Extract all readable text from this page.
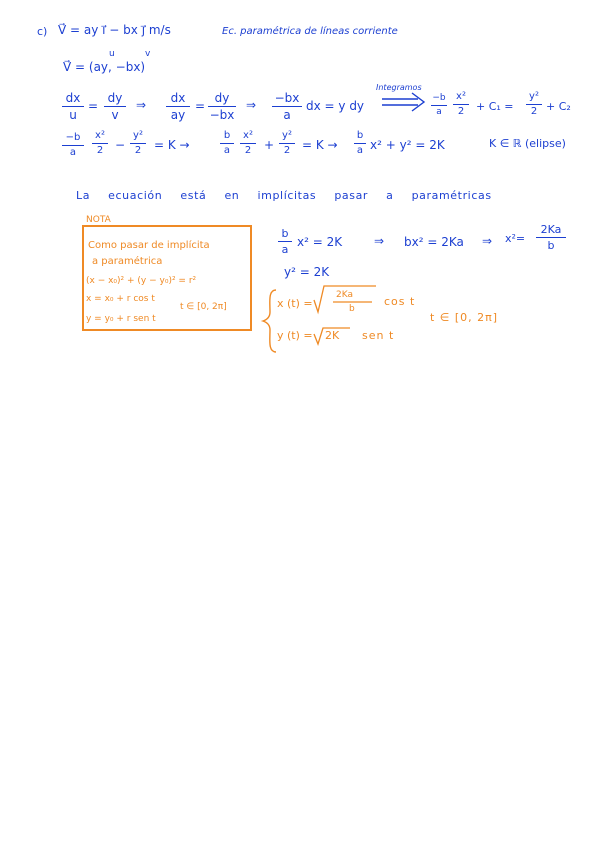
c) V⃗ = ay i⃗ − bx j⃗ m/s	Ec. paramétrica de líneas corriente
u	v
V⃗ = (ay, −bx)
dx
u
=
dy
v
⇒	dx
ay
=
dy
−bx
⇒ −bx
a
dx = y dy
Integramos
−b
a
x²
2	+ C₁ =
y²
2 + C₂
−b
a
x²
2 −
y²
2	= K →
b
a
x²
2	+
y²
2 = K →
b
a x² + y² = 2K	K ∈ ℝ (elipse)
La ecuación está en implícitas pasar a paramétricas
NOTA
Como pasar de implícita
a paramétrica
(x − x₀)² + (y − y₀)² = r²
x = x₀ + r cos t
y = y₀ + r sen t
t ∈ [0, 2π]
b
a
x² = 2K	⇒ bx² = 2Ka ⇒ x²=
2Ka
b
y² = 2K
x (t) =
2Ka
b
cos t
y (t) = 2K sen t
t ∈ [0, 2π]
